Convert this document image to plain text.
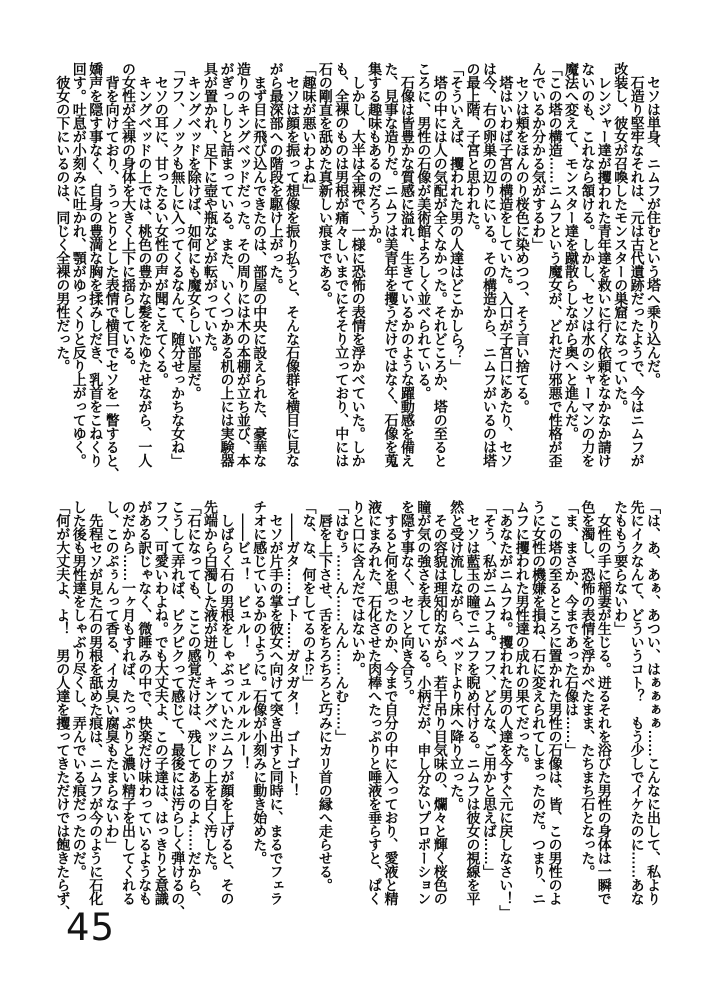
　セソは単身、ニムフが住むという塔へ乗り込んだ。
　石造り堅牢なそれは、元は古代遺跡だったようで、今はニムフが
改装し、彼女が召喚したモンスターの巣窟になっていた。
　レンジャー達が攫われた青年達を救いに行く依頼をなかなか請け
ないのも、これなら頷ける。しかし、セソは水のシャーマンの力を
魔法へ変えて、モンスター達を蹴散らしながら奥へと進んだ。
「この塔の構造……ニムフという魔女が、どれだけ邪悪で性格が歪
んでいるか分かる気がするわ」
　セソは頬をほんのり桜色に染めつつ、そう言い捨てる。
　塔はいわば子宮の構造をしていた。入口が子宮口にあたり、セソ
は今、右の卵巣の辺りにいる。その構造から、ニムフがいるのは塔
の最上階、子宮と思われた。
「そういえば、攫われた男の人達はどこかしら？」
　塔の中には人の気配が全くなかった。それどころか、塔の至ると
ころに、男性の石像が美術館よろしく並べられている。
　石像は皆豊かな質感に溢れ、生きているかのような躍動感を備え
た、見事な造りだ。ニムフは美青年を攫うだけではなく、石像を蒐
集する趣味もあるのだろうか。
　しかし、大半は全裸で、一様に恐怖の表情を浮かべていた。しか
も、全裸のものは男根が痛々しいまでにそそり立っており、中には
石の剛直を舐めた真新しい痕まである。
「趣味が悪いわよね」
　セソは顔を振って想像を振り払うと、そんな石像群を横目に見な
がら最深部への階段を駆け上がった。
　まず目に飛び込んできたのは、部屋の中央に設えられた、豪華な
造りのキングベッドだった。その周りには木の本棚が立ち並び、本
がぎっしりと詰まっている。また、いくつかある机の上には実験器
具が置かれ、足下に壺や瓶などが転がっていた。
　キングベッドを除けば、如何にも魔女らしい部屋だ。
「フフ、ノックも無しに入ってくるなんて、随分せっかちな女ね」
　セソの耳に、甘ったるい女性の声が聞こえてくる。
　キングベッドの上では、桃色の豊かな髪をたゆたせながら、一人
の女性が全裸の身体を大きく上下に揺らしている。
　背を向けており、うっとりとした表情で横目でセソを一瞥すると、
嬌声を隠す事なく、自身の豊満な胸を揉みしだき、乳首をこねくり
回す。吐息が小刻みに吐かれ、顎がゆっくりと反り上がってゆく。
　彼女の下にいるのは、同じく全裸の男性だった。
「は、あ、あぁ、あつい、はぁぁぁぁ……こんなに出して、私より
先にイクなんて、どういうコト？　もう少しでイケたのに……あな
たももう要らないわ」
　女性の手に稲妻が生じる。迸るそれを浴びた男性の身体は一瞬で
色を濁し、恐怖の表情を浮かべたまま、たちまち石となった。
「ま、まさか、今まであった石像は……」
　この塔の至るところに置かれた男性の石像は、皆、この男性のよ
うに女性の機嫌を損ね、石に変えられてしまったのだ。つまり、ニ
ムフに攫われた男性達の成れの果てだった。
「あなたがニムフね。攫われた男の人達を今すぐ元に戻しなさい！」
「そう、私がニムフよ。フフ、どんな、ご用かと思えば……」
　セソは藍玉の瞳でニムフを睨め付ける。ニムフは彼女の視線を平
然と受け流しながら、ベッドより床へ降り立った。
　その容貌は理知的ながら、若干吊り目気味の、爛々と輝く桜色の
瞳が気の強さを表している。小柄だが、申し分ないプロポーション
を隠す事なく、セソと向き合う。
　すると何を思ったのか、今まで自分の中に入っており、愛液と精
液にまみれた、石化させた肉棒へたっぷりと唾液を垂らすと、ぱく
りと口に含んだではないか。
「はむぅ……ん……んん……んむ……」
　唇を上下させ、舌をちろちろと巧みにカリ首の縁へ走らせる。
「な、な、何をしてるのよ⁉」
　――ガタ……ゴト……ガタガタ！　ゴトゴト！
　セソが片手の掌を彼女へ向けて突き出すと同時に、まるでフェラ
チオに感じているかのように。石像が小刻みに動き始めた。
　――ビュ！　ビュル！　ビュルルルルー！
　しばらく石の男根をしゃぶっていたニムフが顔を上げると、その
先端から白濁した液が迸り、キングベッドの上を白く汚した。
「石になっても、ここの感覚だけは、残してあるのよ……だから、
こうして弄れば、ピクピクって感じて、最後には汚らしく弾けるの、
フフ、可愛いわよね。でも大丈夫よ、この子達は、はっきりと意識
がある訳じゃなく、微睡みの中で、快楽だけ味わっているようなも
のだから……一ヶ月もすれば、たっぷりと濃い精子を出してくれる
し、このぷぅんって香る、イカ臭い腐臭もたまらないわ」
　先程セソが見た石の男根を舐めた痕は、ニムフが今のように石化
した後も男性達をしゃぶり尽くし、弄んでいる痕だったのだ。
「何が大丈夫よ、よ！　男の人達を攫ってきただけでは飽きたらず、
45
